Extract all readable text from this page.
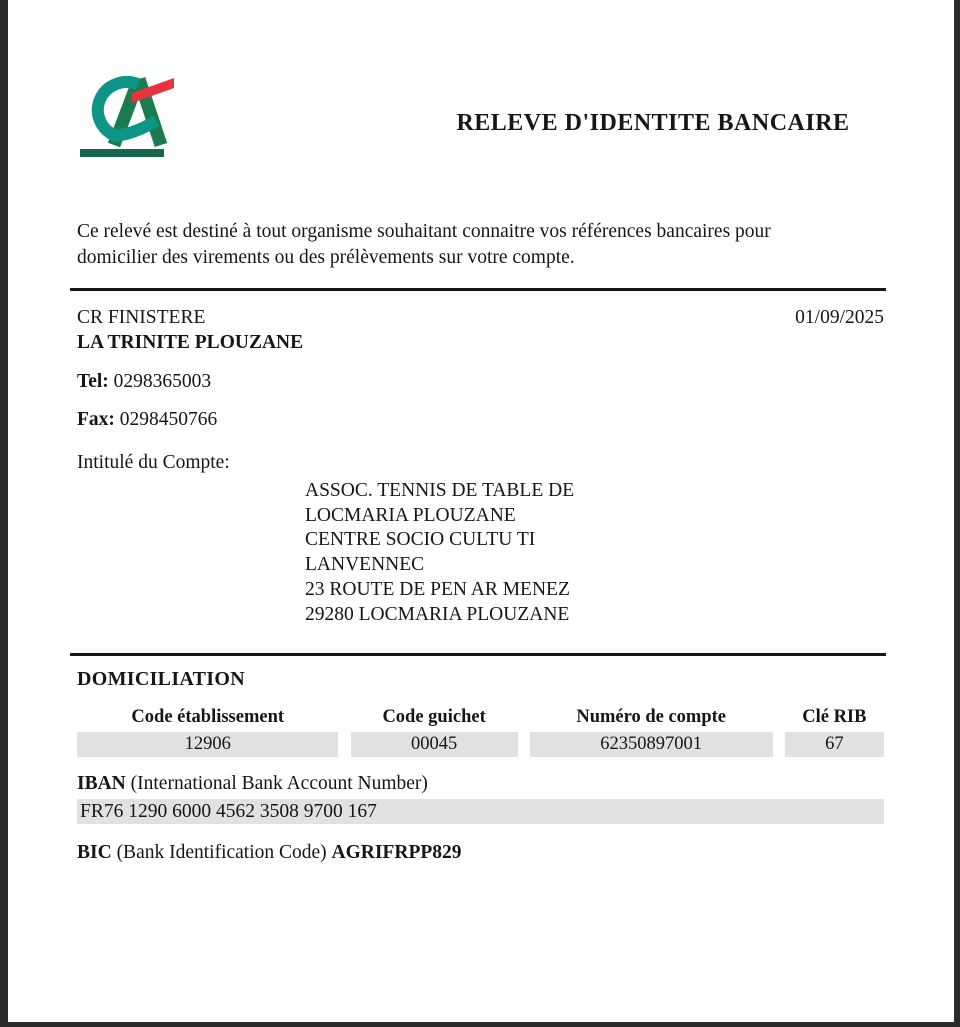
RELEVE D'IDENTITE BANCAIRE
Ce relevé est destiné à tout organisme souhaitant connaitre vos références bancaires pour
domicilier des virements ou des prélèvements sur votre compte.
CR FINISTERE	01/09/2025
LA TRINITE PLOUZANE
Tel: 0298365003
Fax: 0298450766
Intitulé du Compte:
ASSOC. TENNIS DE TABLE DE
LOCMARIA PLOUZANE
CENTRE SOCIO CULTU TI
LANVENNEC
23 ROUTE DE PEN AR MENEZ
29280 LOCMARIA PLOUZANE
DOMICILIATION
Code établissement	Code guichet	Numéro de compte	Clé RIB
12906	00045	62350897001	67
IBAN (International Bank Account Number)
FR76 1290 6000 4562 3508 9700 167
BIC (Bank Identification Code) AGRIFRPP829
